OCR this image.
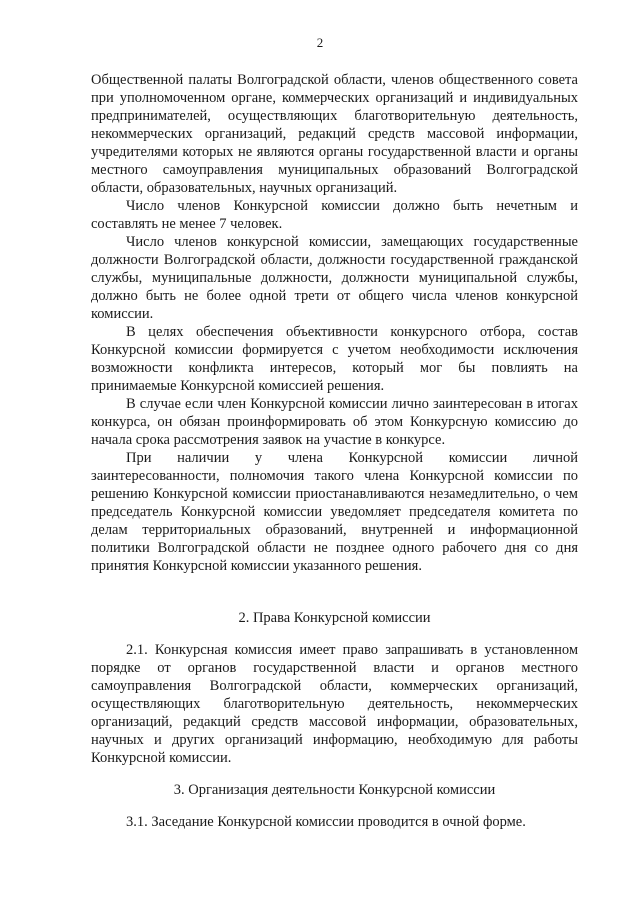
2

Общественной палаты Волгоградской области, членов общественного совета при уполномоченном органе, коммерческих организаций и индивидуальных предпринимателей, осуществляющих благотворительную деятельность, некоммерческих организаций, редакций средств массовой информации, учредителями которых не являются органы государственной власти и органы местного самоуправления муниципальных образований Волгоградской области, образовательных, научных организаций.

Число членов Конкурсной комиссии должно быть нечетным и составлять не менее 7 человек.

Число членов конкурсной комиссии, замещающих государственные должности Волгоградской области, должности государственной гражданской службы, муниципальные должности, должности муниципальной службы, должно быть не более одной трети от общего числа членов конкурсной комиссии.

В целях обеспечения объективности конкурсного отбора, состав Конкурсной комиссии формируется с учетом необходимости исключения возможности конфликта интересов, который мог бы повлиять на принимаемые Конкурсной комиссией решения.

В случае если член Конкурсной комиссии лично заинтересован в итогах конкурса, он обязан проинформировать об этом Конкурсную комиссию до начала срока рассмотрения заявок на участие в конкурсе.

При наличии у члена Конкурсной комиссии личной заинтересованности, полномочия такого члена Конкурсной комиссии по решению Конкурсной комиссии приостанавливаются незамедлительно, о чем председатель Конкурсной комиссии уведомляет председателя комитета по делам территориальных образований, внутренней и информационной политики Волгоградской области не позднее одного рабочего дня со дня принятия Конкурсной комиссии указанного решения.

2. Права Конкурсной комиссии

2.1. Конкурсная комиссия имеет право запрашивать в установленном порядке от органов государственной власти и органов местного самоуправления Волгоградской области, коммерческих организаций, осуществляющих благотворительную деятельность, некоммерческих организаций, редакций средств массовой информации, образовательных, научных и других организаций информацию, необходимую для работы Конкурсной комиссии.

3. Организация деятельности Конкурсной комиссии

3.1. Заседание Конкурсной комиссии проводится в очной форме.
